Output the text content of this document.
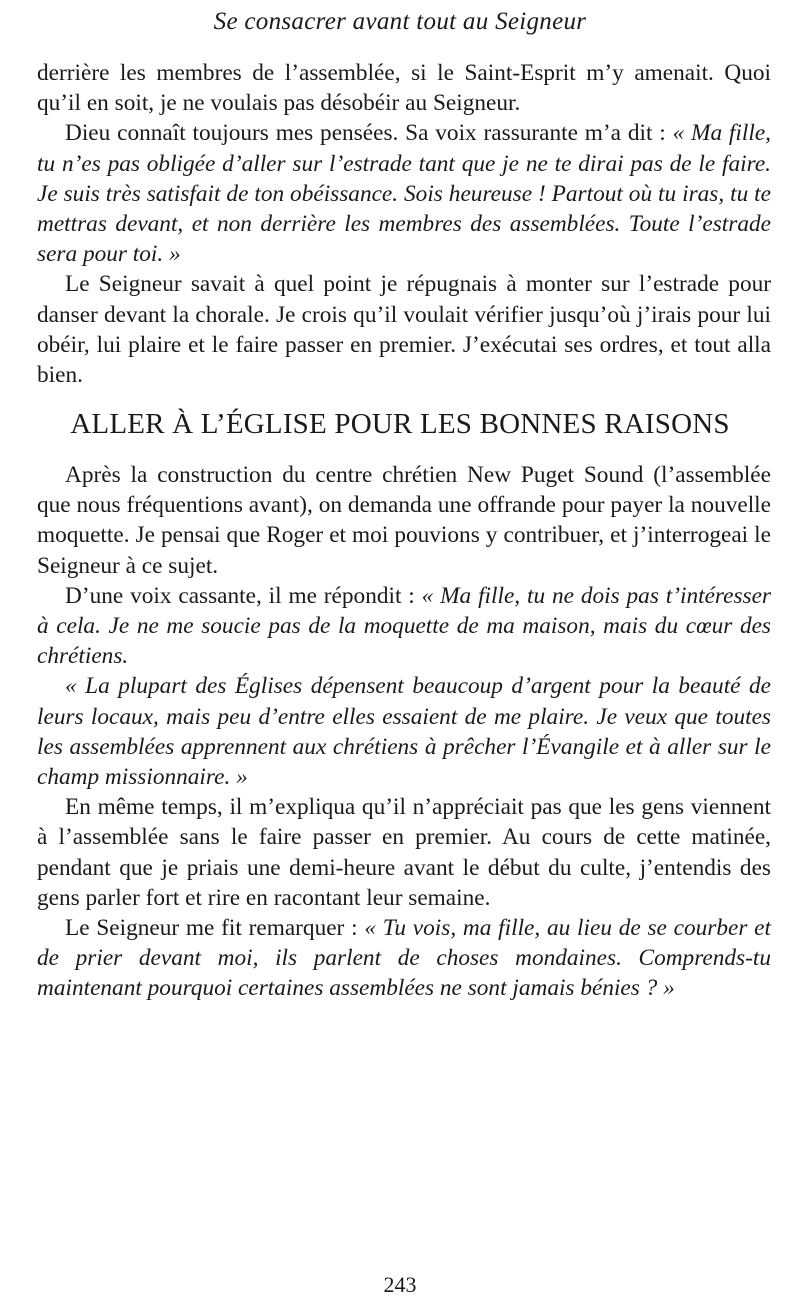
Se consacrer avant tout au Seigneur

derrière les membres de l’assemblée, si le Saint-Esprit m’y amenait. Quoi qu’il en soit, je ne voulais pas désobéir au Seigneur.

Dieu connaît toujours mes pensées. Sa voix rassurante m’a dit : « Ma fille, tu n’es pas obligée d’aller sur l’estrade tant que je ne te dirai pas de le faire. Je suis très satisfait de ton obéissance. Sois heureuse ! Partout où tu iras, tu te mettras devant, et non derrière les membres des assemblées. Toute l’estrade sera pour toi. »

Le Seigneur savait à quel point je répugnais à monter sur l’estrade pour danser devant la chorale. Je crois qu’il voulait vérifier jusqu’où j’irais pour lui obéir, lui plaire et le faire passer en premier. J’exécutai ses ordres, et tout alla bien.

ALLER À L’ÉGLISE POUR LES BONNES RAISONS

Après la construction du centre chrétien New Puget Sound (l’assemblée que nous fréquentions avant), on demanda une offrande pour payer la nouvelle moquette. Je pensai que Roger et moi pouvions y contribuer, et j’interrogeai le Seigneur à ce sujet.

D’une voix cassante, il me répondit : « Ma fille, tu ne dois pas t’intéresser à cela. Je ne me soucie pas de la moquette de ma maison, mais du cœur des chrétiens.

« La plupart des Églises dépensent beaucoup d’argent pour la beauté de leurs locaux, mais peu d’entre elles essaient de me plaire. Je veux que toutes les assemblées apprennent aux chrétiens à prêcher l’Évangile et à aller sur le champ missionnaire. »

En même temps, il m’expliqua qu’il n’appréciait pas que les gens viennent à l’assemblée sans le faire passer en premier. Au cours de cette matinée, pendant que je priais une demi-heure avant le début du culte, j’entendis des gens parler fort et rire en racontant leur semaine.

Le Seigneur me fit remarquer : « Tu vois, ma fille, au lieu de se courber et de prier devant moi, ils parlent de choses mondaines. Comprends-tu maintenant pourquoi certaines assemblées ne sont jamais bénies ? »

243
